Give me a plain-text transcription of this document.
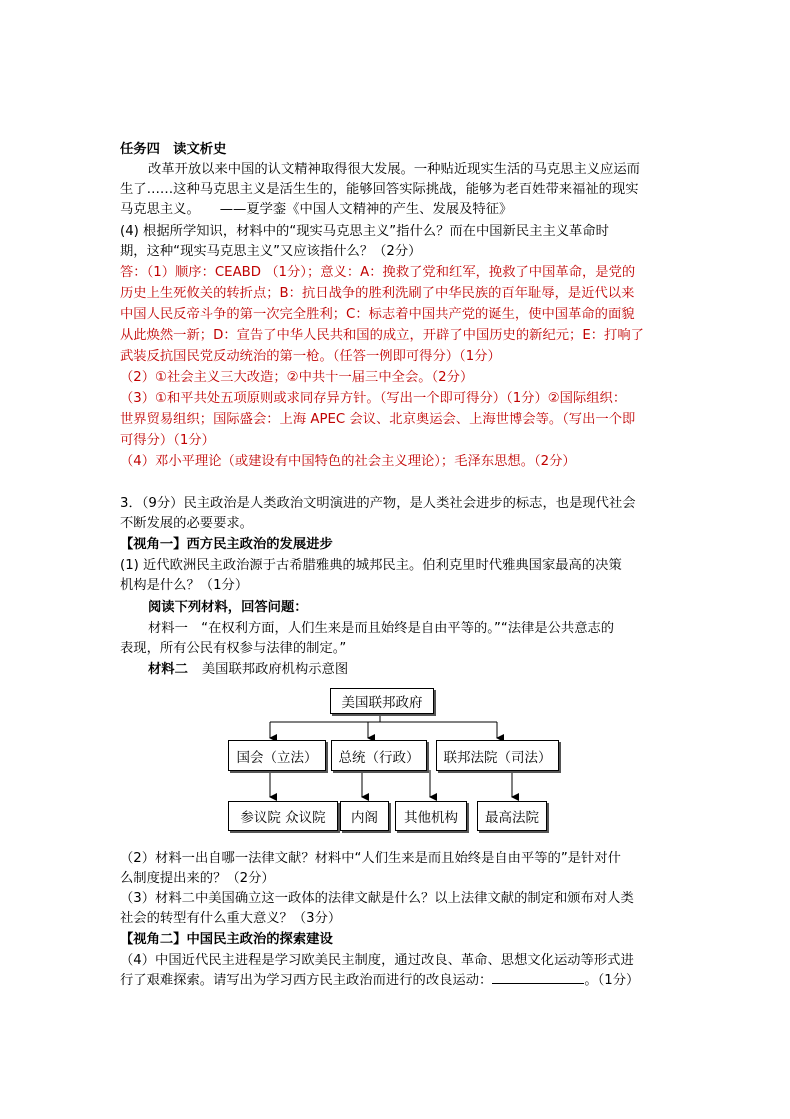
任务四　读文析史
改革开放以来中国的认文精神取得很大发展。一种贴近现实生活的马克思主义应运而
生了……这种马克思主义是活生生的，能够回答实际挑战，能够为老百姓带来福祉的现实
马克思主义。　　——夏学銮《中国人文精神的产生、发展及特征》
(4) 根据所学知识，材料中的“现实马克思主义”指什么？而在中国新民主主义革命时
期，这种“现实马克思主义”又应该指什么？（2分）
答：（1）顺序：CEABD （1分）；意义：A：挽救了党和红军，挽救了中国革命，是党的
历史上生死攸关的转折点；B：抗日战争的胜利洗刷了中华民族的百年耻辱，是近代以来
中国人民反帝斗争的第一次完全胜利；C：标志着中国共产党的诞生，使中国革命的面貌
从此焕然一新；D：宣告了中华人民共和国的成立，开辟了中国历史的新纪元；E：打响了
武装反抗国民党反动统治的第一枪。（任答一例即可得分）（1分）
（2）①社会主义三大改造；②中共十一届三中全会。（2分）
（3）①和平共处五项原则或求同存异方针。（写出一个即可得分）（1分）②国际组织：
世界贸易组织；国际盛会：上海 APEC 会议、北京奥运会、上海世博会等。（写出一个即
可得分）（1分）
（4）邓小平理论（或建设有中国特色的社会主义理论）；毛泽东思想。（2分）
3．（9分）民主政治是人类政治文明演进的产物，是人类社会进步的标志，也是现代社会
不断发展的必要要求。
【视角一】西方民主政治的发展进步
(1) 近代欧洲民主政治源于古希腊雅典的城邦民主。伯利克里时代雅典国家最高的决策
机构是什么？（1分）
阅读下列材料，回答问题：
材料一　“在权利方面，人们生来是而且始终是自由平等的。”“法律是公共意志的
表现，所有公民有权参与法律的制定。”
材料二 美国联邦政府机构示意图
美国联邦政府
国会（立法）	总统（行政）	联邦法院（司法）
参议院 众议院	内阁	其他机构	最高法院
（2）材料一出自哪一法律文献？材料中“人们生来是而且始终是自由平等的”是针对什
么制度提出来的？（2分）
（3）材料二中美国确立这一政体的法律文献是什么？以上法律文献的制定和颁布对人类
社会的转型有什么重大意义？（3分）
【视角二】中国民主政治的探索建设
（4）中国近代民主进程是学习欧美民主制度，通过改良、革命、思想文化运动等形式进
行了艰难探索。请写出为学习西方民主政治而进行的改良运动：	。（1分）
